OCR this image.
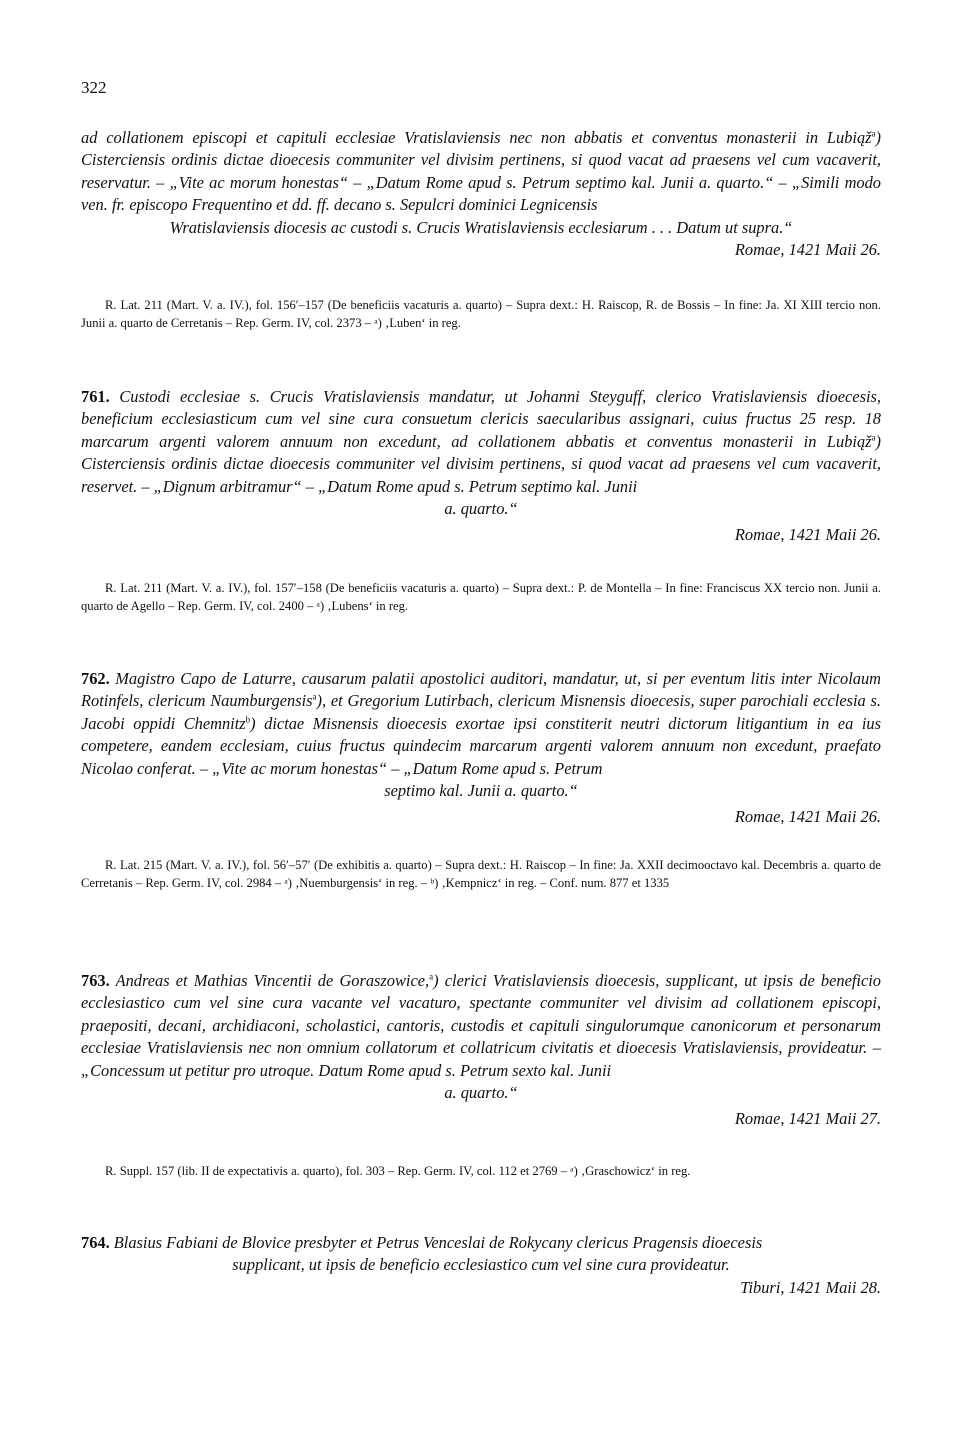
322
ad collationem episcopi et capituli ecclesiae Vratislaviensis nec non abbatis et conventus monasterii in Lubiąž$^a$) Cisterciensis ordinis dictae dioecesis communiter vel divisim pertinens, si quod vacat ad praesens vel cum vacaverit, reservatur. – „Vite ac morum honestas“ – „Datum Rome apud s. Petrum septimo kal. Junii a. quarto.“ – „Simili modo ven. fr. episcopo Frequentino et dd. ff. decano s. Sepulcri dominici Legnicensis
Wratislaviensis diocesis ac custodi s. Crucis Wratislaviensis ecclesiarum . . . Datum ut supra.“
Romae, 1421 Maii 26.
R. Lat. 211 (Mart. V. a. IV.), fol. 156′–157 (De beneficiis vacaturis a. quarto) – Supra dext.: H. Raiscop, R. de Bossis – In fine: Ja. XI XIII tercio non. Junii a. quarto de Cerretanis – Rep. Germ. IV, col. 2373 – ᵃ) ‚Luben‘ in reg.
761. Custodi ecclesiae s. Crucis Vratislaviensis mandatur, ut Johanni Steyguff, clerico Vratislaviensis dioecesis, beneficium ecclesiasticum cum vel sine cura consuetum clericis saecularibus assignari, cuius fructus 25 resp. 18 marcarum argenti valorem annuum non excedunt, ad collationem abbatis et conventus monasterii in Lubiąž$^a$) Cisterciensis ordinis dictae dioecesis communiter vel divisim pertinens, si quod vacat ad praesens vel cum vacaverit, reservet. – „Dignum arbitramur“ – „Datum Rome apud s. Petrum septimo kal. Junii
a. quarto.“
Romae, 1421 Maii 26.
R. Lat. 211 (Mart. V. a. IV.), fol. 157′–158 (De beneficiis vacaturis a. quarto) – Supra dext.: P. de Montella – In fine: Franciscus XX tercio non. Junii a. quarto de Agello – Rep. Germ. IV, col. 2400 – ᵃ) ‚Lubens‘ in reg.
762. Magistro Capo de Laturre, causarum palatii apostolici auditori, mandatur, ut, si per eventum litis inter Nicolaum Rotinfels, clericum Naumburgensis$^a$), et Gregorium Lutirbach, clericum Misnensis dioecesis, super parochiali ecclesia s. Jacobi oppidi Chemnitz$^b$) dictae Misnensis dioecesis exortae ipsi constiterit neutri dictorum litigantium in ea ius competere, eandem ecclesiam, cuius fructus quindecim marcarum argenti valorem annuum non excedunt, praefato Nicolao conferat. – „Vite ac morum honestas“ – „Datum Rome apud s. Petrum
septimo kal. Junii a. quarto.“
Romae, 1421 Maii 26.
R. Lat. 215 (Mart. V. a. IV.), fol. 56′–57′ (De exhibitis a. quarto) – Supra dext.: H. Raiscop – In fine: Ja. XXII decimooctavo kal. Decembris a. quarto de Cerretanis – Rep. Germ. IV, col. 2984 – ᵃ) ‚Nuemburgensis‘ in reg. – ᵇ) ‚Kempnicz‘ in reg. – Conf. num. 877 et 1335
763. Andreas et Mathias Vincentii de Goraszowice,$^a$) clerici Vratislaviensis dioecesis, supplicant, ut ipsis de beneficio ecclesiastico cum vel sine cura vacante vel vacaturo, spectante communiter vel divisim ad collationem episcopi, praepositi, decani, archidiaconi, scholastici, cantoris, custodis et capituli singulorumque canonicorum et personarum ecclesiae Vratislaviensis nec non omnium collatorum et collatricum civitatis et dioecesis Vratislaviensis, provideatur. – „Concessum ut petitur pro utroque. Datum Rome apud s. Petrum sexto kal. Junii
a. quarto.“
Romae, 1421 Maii 27.
R. Suppl. 157 (lib. II de expectativis a. quarto), fol. 303 – Rep. Germ. IV, col. 112 et 2769 – ᵃ) ‚Graschowicz‘ in reg.
764. Blasius Fabiani de Blovice presbyter et Petrus Venceslai de Rokycany clericus Pragensis dioecesis
supplicant, ut ipsis de beneficio ecclesiastico cum vel sine cura provideatur.
Tiburi, 1421 Maii 28.
